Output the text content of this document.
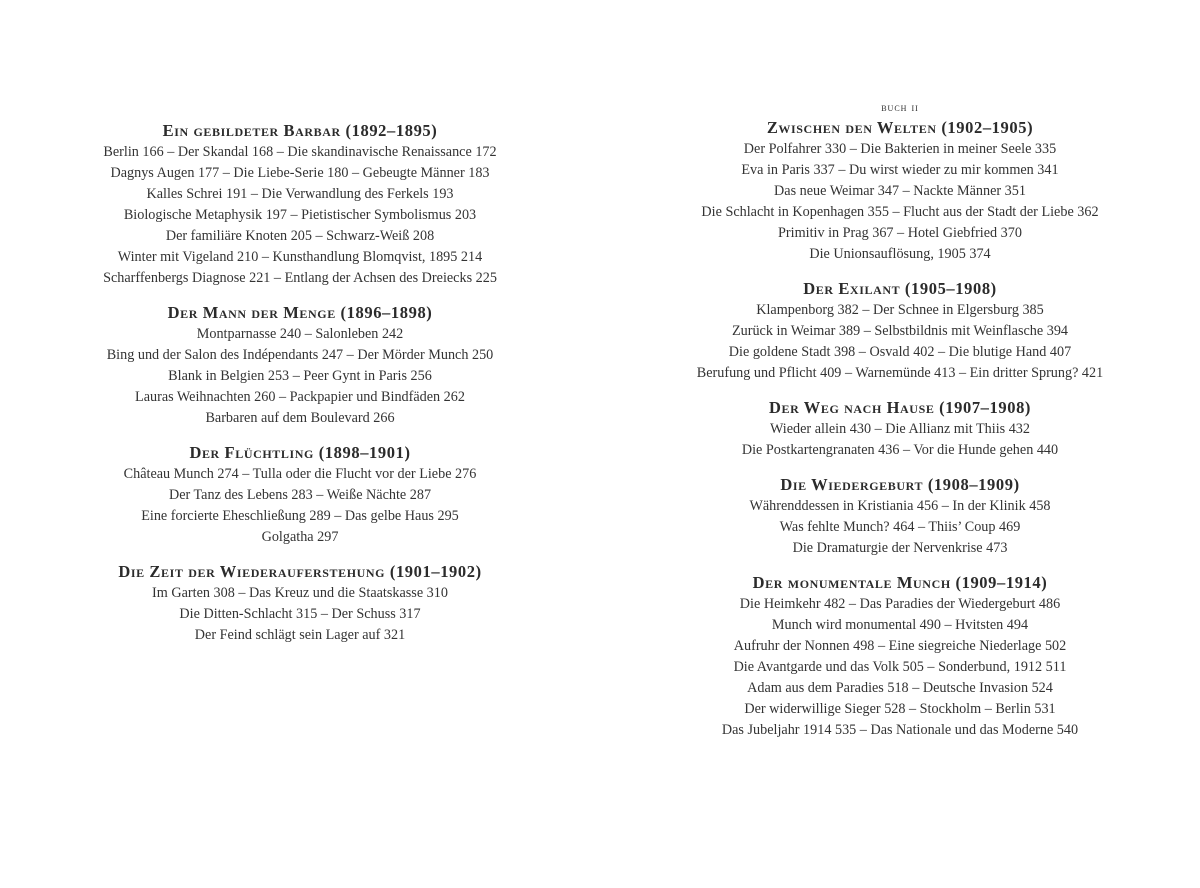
Ein gebildeter Barbar (1892–1895)

Berlin 166 – Der Skandal 168 – Die skandinavische Renaissance 172

Dagnys Augen 177 – Die Liebe-Serie 180 – Gebeugte Männer 183

Kalles Schrei 191 – Die Verwandlung des Ferkels 193

Biologische Metaphysik 197 – Pietistischer Symbolismus 203

Der familiäre Knoten 205 – Schwarz-Weiß 208

Winter mit Vigeland 210 – Kunsthandlung Blomqvist, 1895 214

Scharffenbergs Diagnose 221 – Entlang der Achsen des Dreiecks 225

Der Mann der Menge (1896–1898)

Montparnasse 240 – Salonleben 242

Bing und der Salon des Indépendants 247 – Der Mörder Munch 250

Blank in Belgien 253 – Peer Gynt in Paris 256

Lauras Weihnachten 260 – Packpapier und Bindfäden 262

Barbaren auf dem Boulevard 266

Der Flüchtling (1898–1901)

Château Munch 274 – Tulla oder die Flucht vor der Liebe 276

Der Tanz des Lebens 283 – Weiße Nächte 287

Eine forcierte Eheschließung 289 – Das gelbe Haus 295

Golgatha 297

Die Zeit der Wiederauferstehung (1901–1902)

Im Garten 308 – Das Kreuz und die Staatskasse 310

Die Ditten-Schlacht 315 – Der Schuss 317

Der Feind schlägt sein Lager auf 321

buch ii

Zwischen den Welten (1902–1905)

Der Polfahrer 330 – Die Bakterien in meiner Seele 335

Eva in Paris 337 – Du wirst wieder zu mir kommen 341

Das neue Weimar 347 – Nackte Männer 351

Die Schlacht in Kopenhagen 355 – Flucht aus der Stadt der Liebe 362

Primitiv in Prag 367 – Hotel Giebfried 370

Die Unionsauflösung, 1905 374

Der Exilant (1905–1908)

Klampenborg 382 – Der Schnee in Elgersburg 385

Zurück in Weimar 389 – Selbstbildnis mit Weinflasche 394

Die goldene Stadt 398 – Osvald 402 – Die blutige Hand 407

Berufung und Pflicht 409 – Warnemünde 413 – Ein dritter Sprung? 421

Der Weg nach Hause (1907–1908)

Wieder allein 430 – Die Allianz mit Thiis 432

Die Postkartengranaten 436 – Vor die Hunde gehen 440

Die Wiedergeburt (1908–1909)

Währenddessen in Kristiania 456 – In der Klinik 458

Was fehlte Munch? 464 – Thiis’ Coup 469

Die Dramaturgie der Nervenkrise 473

Der monumentale Munch (1909–1914)

Die Heimkehr 482 – Das Paradies der Wiedergeburt 486

Munch wird monumental 490 – Hvitsten 494

Aufruhr der Nonnen 498 – Eine siegreiche Niederlage 502

Die Avantgarde und das Volk 505 – Sonderbund, 1912 511

Adam aus dem Paradies 518 – Deutsche Invasion 524

Der widerwillige Sieger 528 – Stockholm – Berlin 531

Das Jubeljahr 1914 535 – Das Nationale und das Moderne 540
